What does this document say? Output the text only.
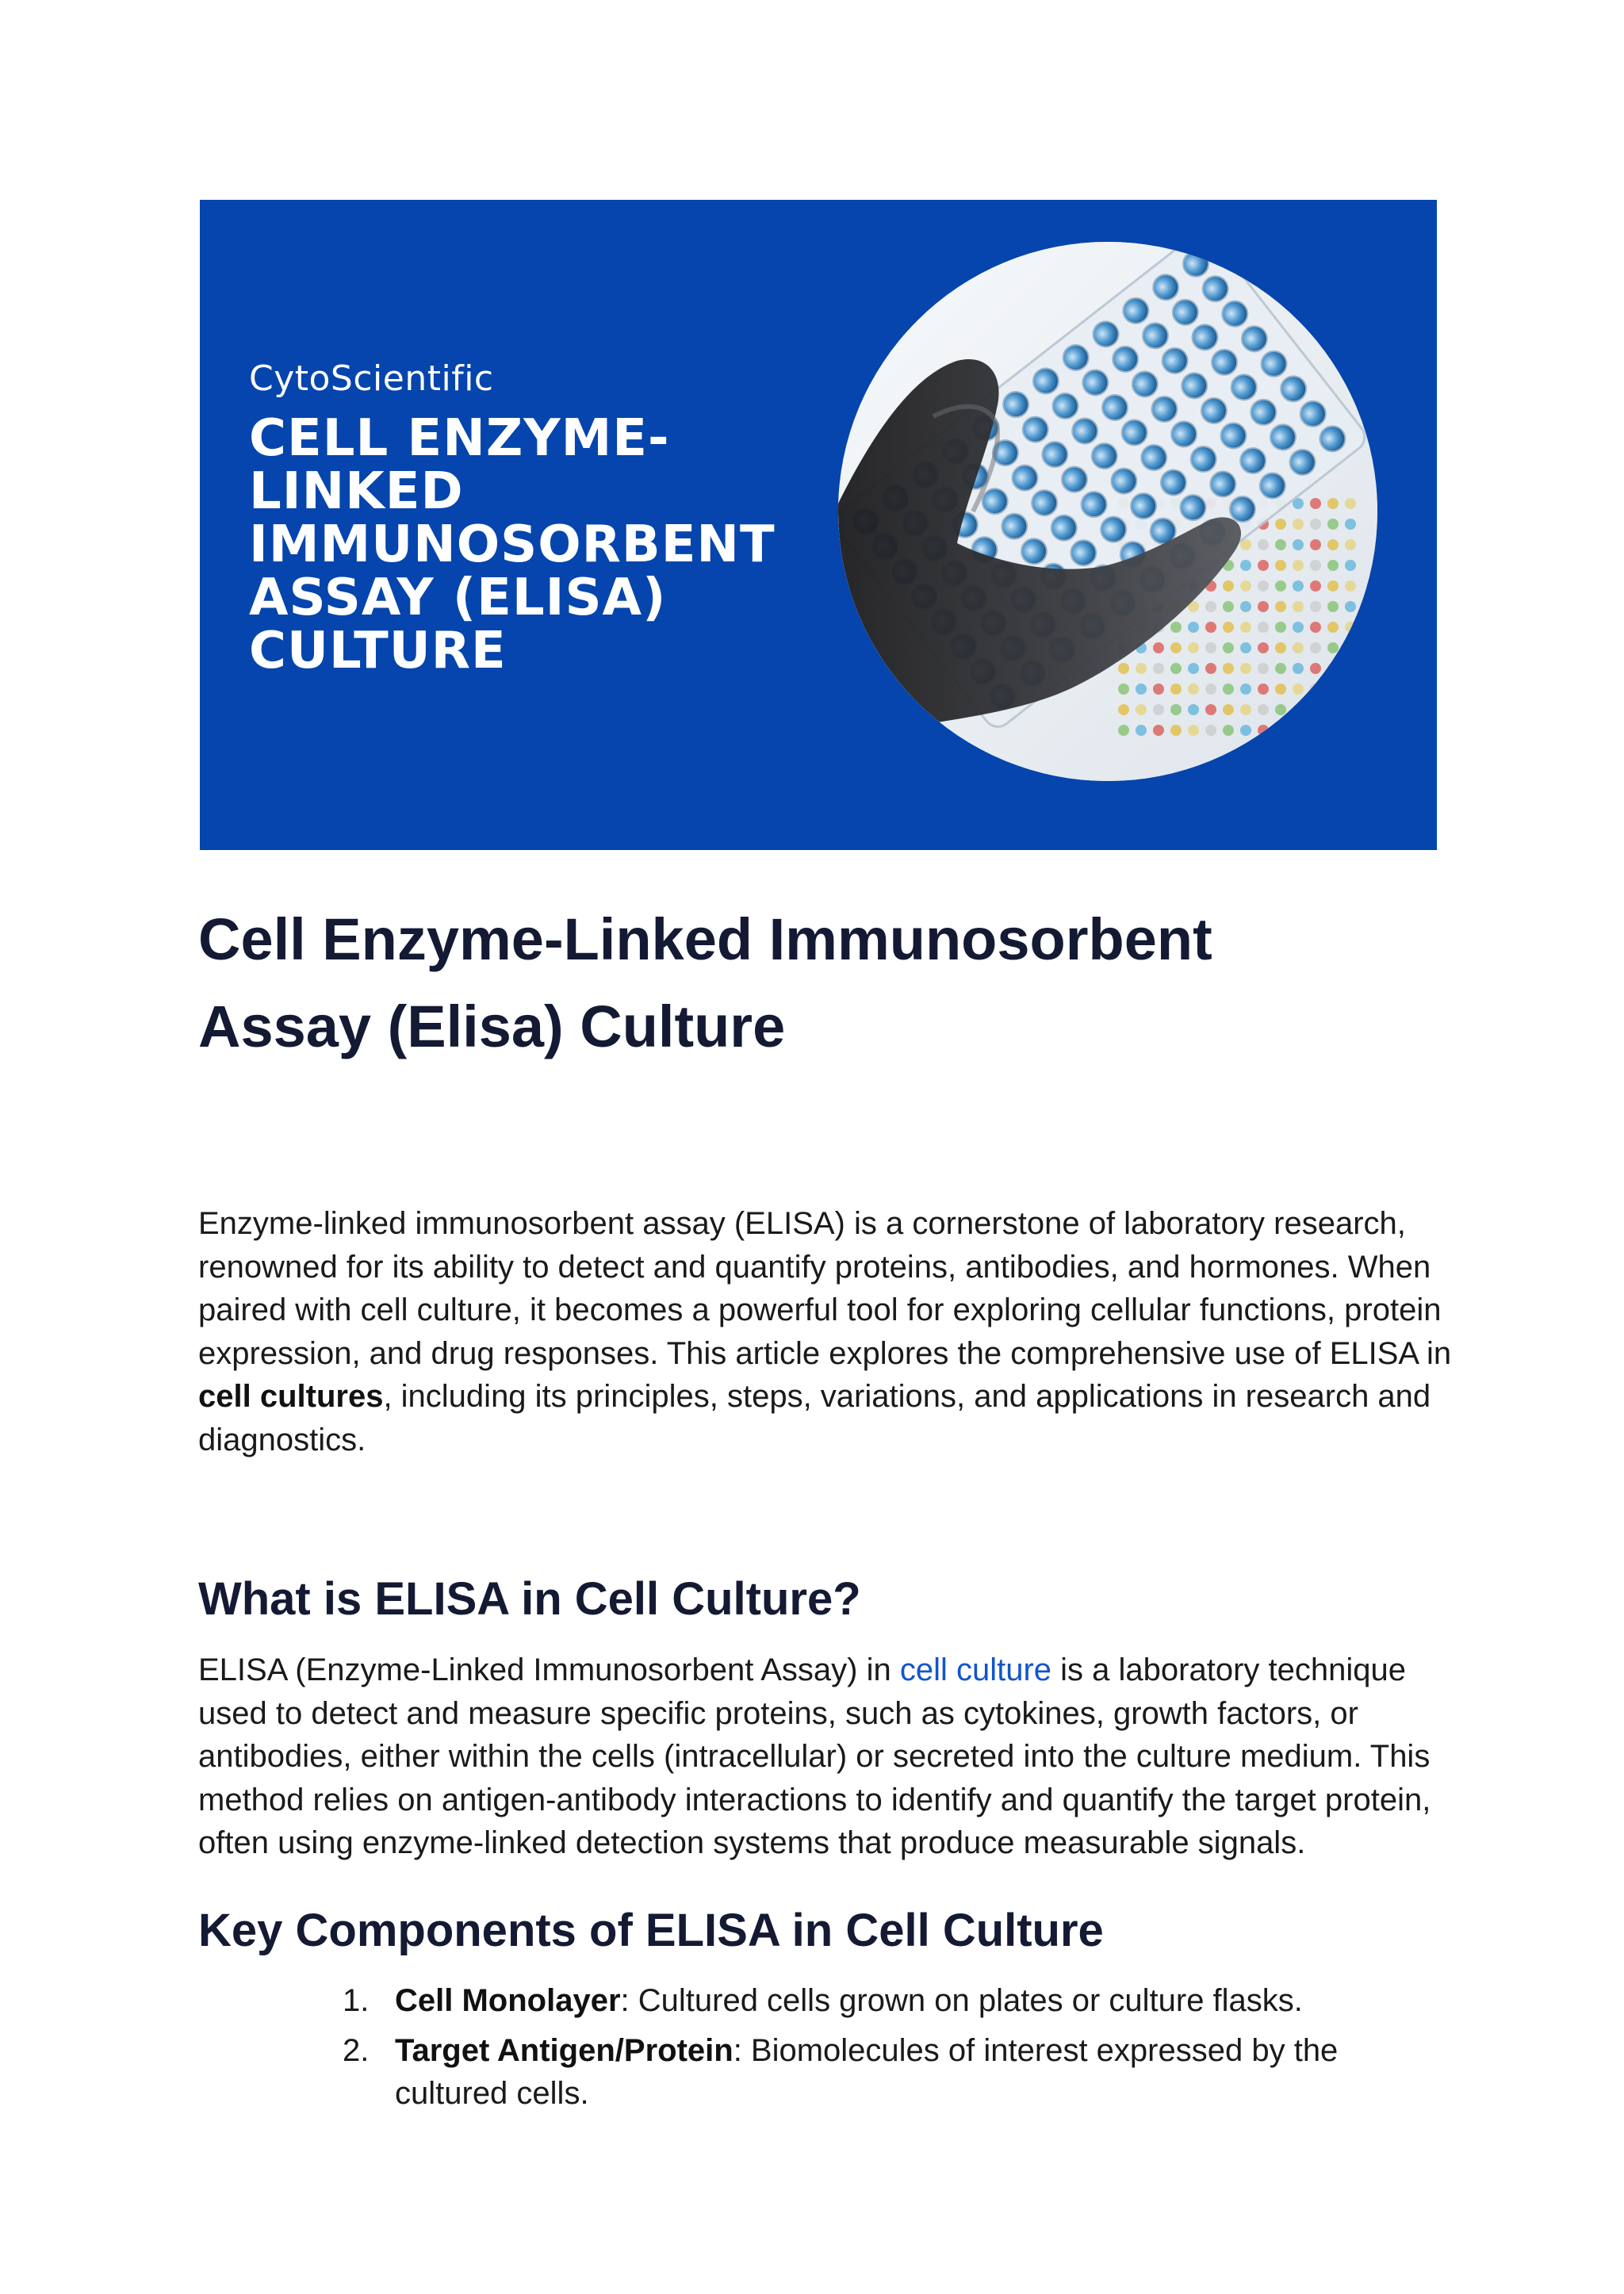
CytoScientific
CELL ENZYME-
LINKED
IMMUNOSORBENT
ASSAY (ELISA)
CULTURE
Cell Enzyme-Linked Immunosorbent
Assay (Elisa) Culture

Enzyme-linked immunosorbent assay (ELISA) is a cornerstone of laboratory research, renowned for its ability to detect and quantify proteins, antibodies, and hormones. When paired with cell culture, it becomes a powerful tool for exploring cellular functions, protein expression, and drug responses. This article explores the comprehensive use of ELISA in cell cultures, including its principles, steps, variations, and applications in research and diagnostics.

What is ELISA in Cell Culture?

ELISA (Enzyme-Linked Immunosorbent Assay) in cell culture is a laboratory technique used to detect and measure specific proteins, such as cytokines, growth factors, or antibodies, either within the cells (intracellular) or secreted into the culture medium. This method relies on antigen-antibody interactions to identify and quantify the target protein, often using enzyme-linked detection systems that produce measurable signals.

Key Components of ELISA in Cell Culture
1. Cell Monolayer: Cultured cells grown on plates or culture flasks.
2. Target Antigen/Protein: Biomolecules of interest expressed by the cultured cells.
